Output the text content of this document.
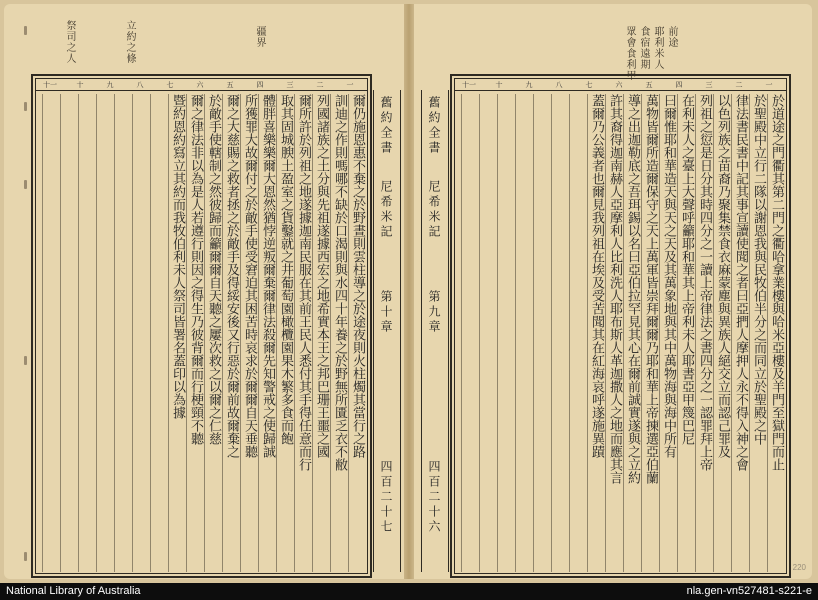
祭司之人	立約之條	疆界
十一	十	九	八	七	六	五	四	三	二	一
爾仍施恩惠不棄之於野晝則雲柱導之於途夜則火柱燭其當行之路
訓迪之作則嗎哪不缺於口渴則與水四十年養之於野無所匱乏衣不敝
列國諸族之土分與先祖遂據西宏之地希實本王之邦巴珊王噩之國
爾所許於列祖之地遂據迦南民服在其前王民人悉付其手得任意而行
取其固城腴土盈室之貨鑿就之井葡萄園橄欖園果木繁多食而飽
體胖喜樂樂爾大恩然猶悖逆叛爾棄爾律法殺爾先知警戒之使歸誠
所獲罪大故爾付之於敵手使受窘迫其困苦時哀求於爾爾自天垂聽
爾之大慈賜之救者拯之於敵手及得綏安後又行惡於爾前故爾棄之
於敵手使轄制之然彼歸而籲爾爾自天聽之屢次救之以爾之仁慈
爾之律法非以為是人若遵行則因之得生乃彼背爾而行梗頸不聽
暨約恩約寫立其約而我牧伯利未人祭司皆署名蓋印以為據	舊約全書
尼希米記
第十章
四百二十七
眾會食利甲 食宿遠期 耶利米人 前途
十一	十	九	八	七	六	五	四	三	二	一
於道途之門衢其第二門之衢哈拿業樓與哈米亞樓及羊門至獄門而止
於聖殿中立行二隊以謝恩我與民牧伯半分之而同立於聖殿之中
律法書民書中記其事宣讀使聞之者曰亞捫人摩押人永不得入神之會
以色列族之苗裔乃聚集禁食衣麻蒙塵與異族人絕交立而認己罪及
列祖之愆是日分其時四分之一讀上帝律法之書四分之一認罪拜上帝
在利未人之臺上大聲呼籲耶和華其上帝利未人耶書亞甲篾巴尼
曰爾惟耶和華造天與天之天及其萬象地與其中萬物海與海中所有
萬物皆爾所造爾保守之天上萬軍皆崇拜爾爾乃耶和華上帝揀選亞伯蘭
導之出迦勒底之吾珥錫以名曰亞伯拉罕見其心在爾前誠實遂與之立約
許其裔得迦南赫人亞摩利人比利洗人耶布斯人革迦撒人之地而應其言
蓋爾乃公義者也爾見我列祖在埃及受苦聞其在紅海哀呼遂施異蹟
舊約全書
尼希米記
第九章
四百二十六
220
National Library of Australia	nla.gen-vn527481-s221-e
